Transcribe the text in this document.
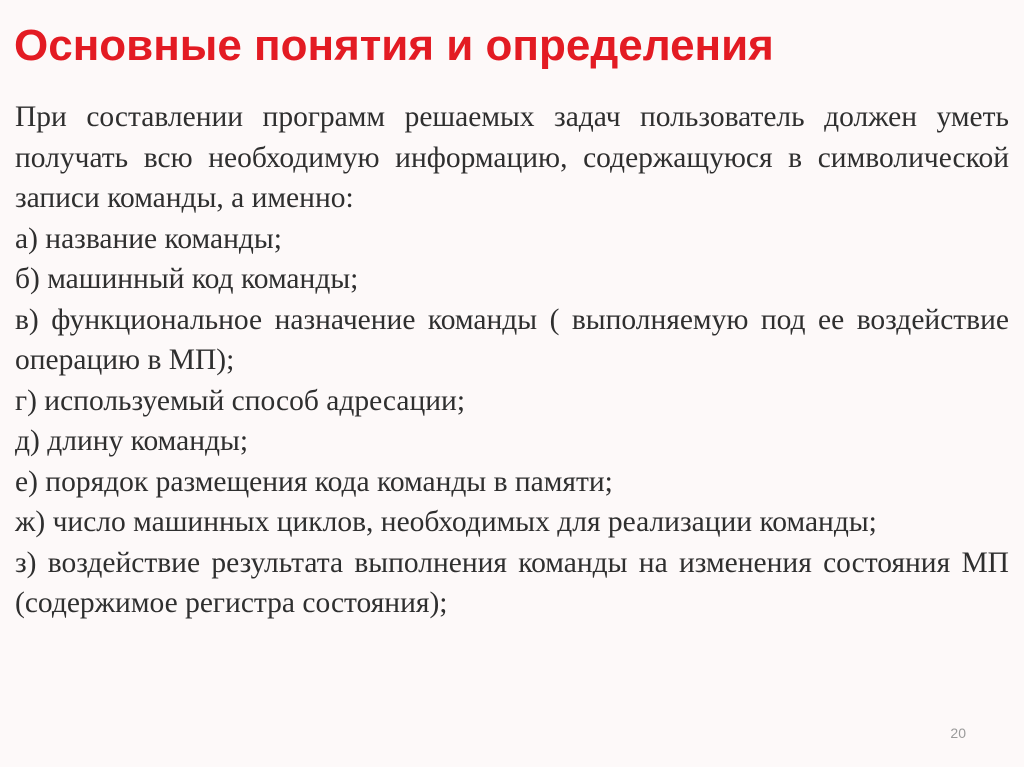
Основные понятия и определения

При составлении программ решаемых задач пользователь должен уметь получать всю необходимую информацию, содержащуюся в символической записи команды, а именно:

а) название команды;

б) машинный код команды;

в) функциональное назначение команды ( выполняемую под ее воздействие операцию в МП);

г) используемый способ адресации;

д) длину команды;

е) порядок размещения кода команды в памяти;

ж) число машинных циклов, необходимых для реализации команды;

з) воздействие результата выполнения команды на изменения состояния МП (содержимое регистра состояния);

20
